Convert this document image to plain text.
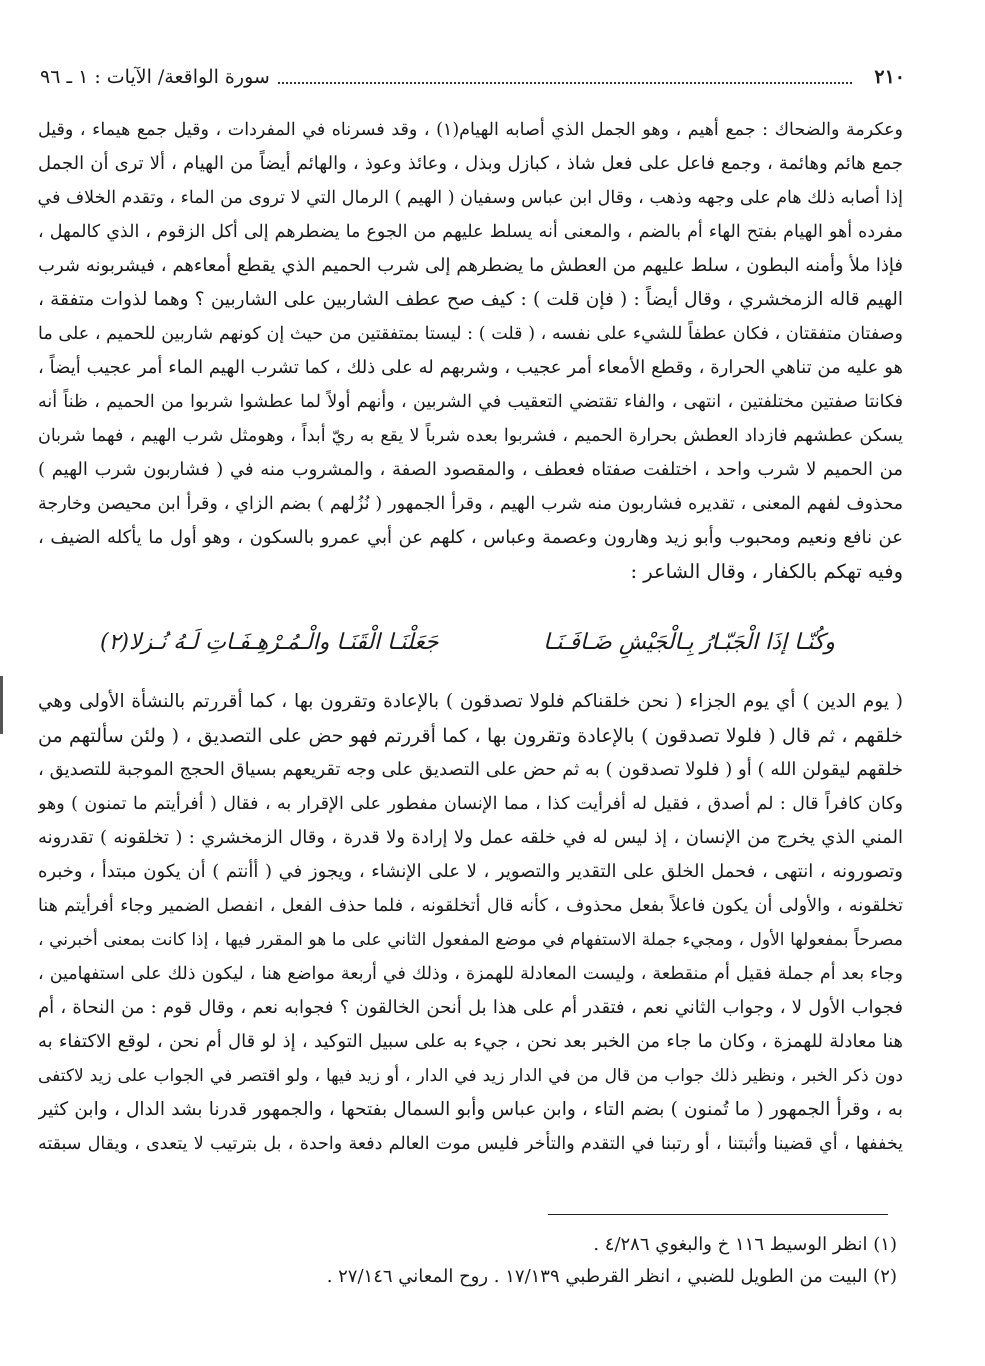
٢١٠
سورة الواقعة/ الآيات : ١ ـ ٩٦
وعكرمة والضحاك : جمع أهيم ، وهو الجمل الذي أصابه الهيام(١) ، وقد فسرناه في المفردات ، وقيل جمع هيماء ، وقيل
جمع هائم وهائمة ، وجمع فاعل على فعل شاذ ، كبازل وبذل ، وعائذ وعوذ ، والهائم أيضاً من الهيام ، ألا ترى أن الجمل
إذا أصابه ذلك هام على وجهه وذهب ، وقال ابن عباس وسفيان ( الهيم ) الرمال التي لا تروى من الماء ، وتقدم الخلاف في
مفرده أهو الهيام بفتح الهاء أم بالضم ، والمعنى أنه يسلط عليهم من الجوع ما يضطرهم إلى أكل الزقوم ، الذي كالمهل ،
فإذا ملأ وأمنه البطون ، سلط عليهم من العطش ما يضطرهم إلى شرب الحميم الذي يقطع أمعاءهم ، فيشربونه شرب
الهيم قاله الزمخشري ، وقال أيضاً : ( فإن قلت ) : كيف صح عطف الشاربين على الشاربين ؟ وهما لذوات متفقة ،
وصفتان متفقتان ، فكان عطفاً للشيء على نفسه ، ( قلت ) : ليستا بمتفقتين من حيث إن كونهم شاربين للحميم ، على ما
هو عليه من تناهي الحرارة ، وقطع الأمعاء أمر عجيب ، وشربهم له على ذلك ، كما تشرب الهيم الماء أمر عجيب أيضاً ،
فكانتا صفتين مختلفتين ، انتهى ، والفاء تقتضي التعقيب في الشربين ، وأنهم أولاً لما عطشوا شربوا من الحميم ، ظناً أنه
يسكن عطشهم فازداد العطش بحرارة الحميم ، فشربوا بعده شرباً لا يقع به ريّ أبداً ، وهومثل شرب الهيم ، فهما شربان
من الحميم لا شرب واحد ، اختلفت صفتاه فعطف ، والمقصود الصفة ، والمشروب منه في ( فشاربون شرب الهيم )
محذوف لفهم المعنى ، تقديره فشاربون منه شرب الهيم ، وقرأ الجمهور ( نُزُلهم ) بضم الزاي ، وقرأ ابن محيصن وخارجة
عن نافع ونعيم ومحبوب وأبو زيد وهارون وعصمة وعباس ، كلهم عن أبي عمرو بالسكون ، وهو أول ما يأكله الضيف ،
وفيه تهكم بالكفار ، وقال الشاعر :
وكُنّـا إذَا الْجَبّـارُ بِـالْجَيْشِ ضَـافَـنَـا
جَعَلْنَـا الْقَنَـا والْـمُـرْهِـفَـاتِ لَـهُ نُـزلا(٢)
( يوم الدين ) أي يوم الجزاء ( نحن خلقناكم فلولا تصدقون ) بالإعادة وتقرون بها ، كما أقررتم بالنشأة الأولى وهي
خلقهم ، ثم قال ( فلولا تصدقون ) بالإعادة وتقرون بها ، كما أقررتم فهو حض على التصديق ، ( ولئن سألتهم من
خلقهم ليقولن الله ) أو ( فلولا تصدقون ) به ثم حض على التصديق على وجه تقريعهم بسياق الحجج الموجبة للتصديق ،
وكان كافراً قال : لم أصدق ، فقيل له أفرأيت كذا ، مما الإنسان مفطور على الإقرار به ، فقال ( أفرأيتم ما تمنون ) وهو
المني الذي يخرج من الإنسان ، إذ ليس له في خلقه عمل ولا إرادة ولا قدرة ، وقال الزمخشري : ( تخلقونه ) تقدرونه
وتصورونه ، انتهى ، فحمل الخلق على التقدير والتصوير ، لا على الإنشاء ، ويجوز في ( أأنتم ) أن يكون مبتدأ ، وخبره
تخلقونه ، والأولى أن يكون فاعلاً بفعل محذوف ، كأنه قال أتخلقونه ، فلما حذف الفعل ، انفصل الضمير وجاء أفرأيتم هنا
مصرحاً بمفعولها الأول ، ومجيء جملة الاستفهام في موضع المفعول الثاني على ما هو المقرر فيها ، إذا كانت بمعنى أخبرني ،
وجاء بعد أم جملة فقيل أم منقطعة ، وليست المعادلة للهمزة ، وذلك في أربعة مواضع هنا ، ليكون ذلك على استفهامين ،
فجواب الأول لا ، وجواب الثاني نعم ، فتقدر أم على هذا بل أنحن الخالقون ؟ فجوابه نعم ، وقال قوم : من النحاة ، أم
هنا معادلة للهمزة ، وكان ما جاء من الخبر بعد نحن ، جيء به على سبيل التوكيد ، إذ لو قال أم نحن ، لوقع الاكتفاء به
دون ذكر الخبر ، ونظير ذلك جواب من قال من في الدار زيد في الدار ، أو زيد فيها ، ولو اقتصر في الجواب على زيد لاكتفى
به ، وقرأ الجمهور ( ما تُمنون ) بضم التاء ، وابن عباس وأبو السمال بفتحها ، والجمهور قدرنا بشد الدال ، وابن كثير
يخففها ، أي قضينا وأثبتنا ، أو رتبنا في التقدم والتأخر فليس موت العالم دفعة واحدة ، بل بترتيب لا يتعدى ، ويقال سبقته
(١) انظر الوسيط ١١٦ خ والبغوي ٤/٢٨٦ .
(٢) البيت من الطويل للضبي ، انظر القرطبي ١٧/١٣٩ . روح المعاني ٢٧/١٤٦ .
